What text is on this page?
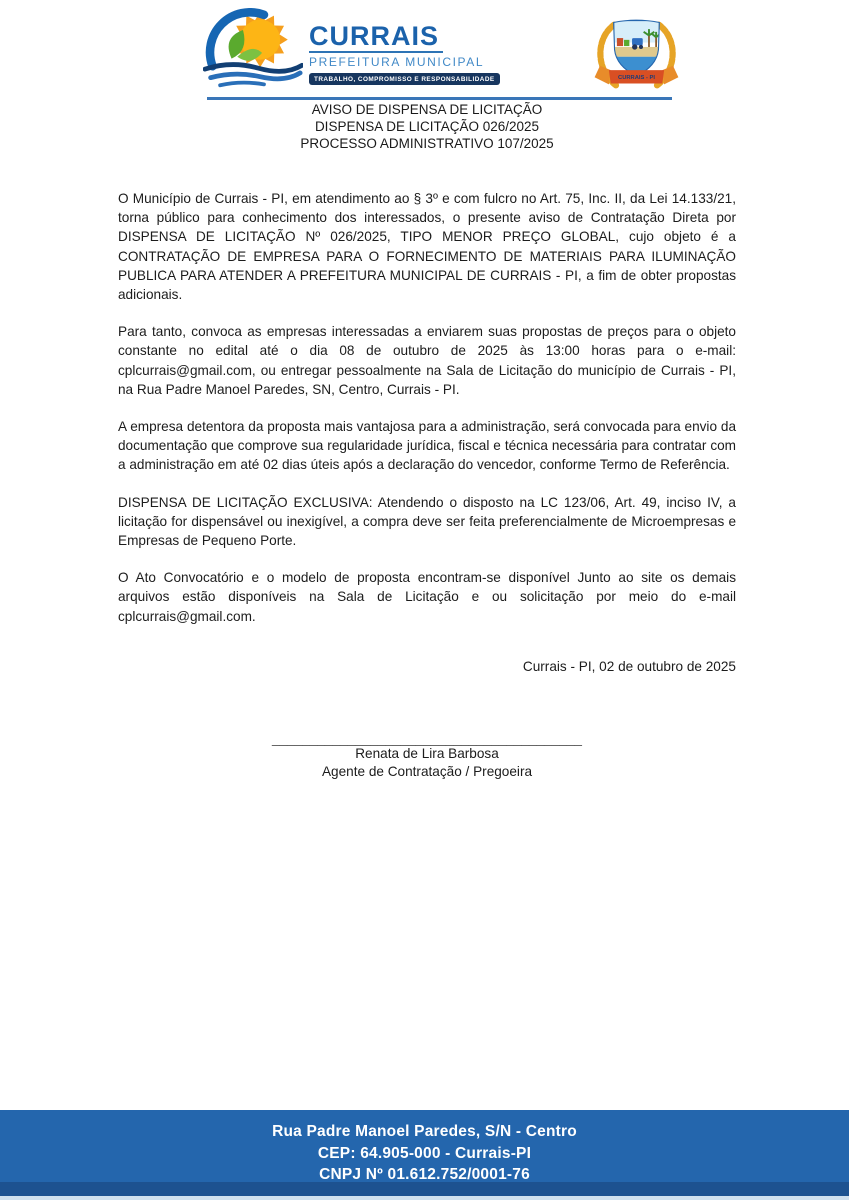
CURRAIS
PREFEITURA MUNICIPAL
TRABALHO, COMPROMISSO E RESPONSABILIDADE	CURRAIS - PI
AVISO DE DISPENSA DE LICITAÇÃO
DISPENSA DE LICITAÇÃO 026/2025
PROCESSO ADMINISTRATIVO 107/2025

O Município de Currais - PI, em atendimento ao § 3º e com fulcro no Art. 75, Inc. II, da Lei 14.133/21, torna público para conhecimento dos interessados, o presente aviso de Contratação Direta por DISPENSA DE LICITAÇÃO Nº 026/2025, TIPO MENOR PREÇO GLOBAL, cujo objeto é a CONTRATAÇÃO DE EMPRESA PARA O FORNECIMENTO DE MATERIAIS PARA ILUMINAÇÃO PUBLICA PARA ATENDER A PREFEITURA MUNICIPAL DE CURRAIS - PI, a fim de obter propostas adicionais.

Para tanto, convoca as empresas interessadas a enviarem suas propostas de preços para o objeto constante no edital até o dia 08 de outubro de 2025 às 13:00 horas para o e-mail: cplcurrais@gmail.com, ou entregar pessoalmente na Sala de Licitação do município de Currais - PI, na Rua Padre Manoel Paredes, SN, Centro, Currais - PI.

A empresa detentora da proposta mais vantajosa para a administração, será convocada para envio da documentação que comprove sua regularidade jurídica, fiscal e técnica necessária para contratar com a administração em até 02 dias úteis após a declaração do vencedor, conforme Termo de Referência.

DISPENSA DE LICITAÇÃO EXCLUSIVA: Atendendo o disposto na LC 123/06, Art. 49, inciso IV, a licitação for dispensável ou inexigível, a compra deve ser feita preferencialmente de Microempresas e Empresas de Pequeno Porte.

O Ato Convocatório e o modelo de proposta encontram-se disponível Junto ao site os demais arquivos estão disponíveis na Sala de Licitação e ou solicitação por meio do e-mail cplcurrais@gmail.com.

Currais - PI, 02 de outubro de 2025
_________________________________________
Renata de Lira Barbosa
Agente de Contratação / Pregoeira
Rua Padre Manoel Paredes, S/N - Centro
CEP: 64.905-000 - Currais-PI
CNPJ Nº 01.612.752/0001-76
